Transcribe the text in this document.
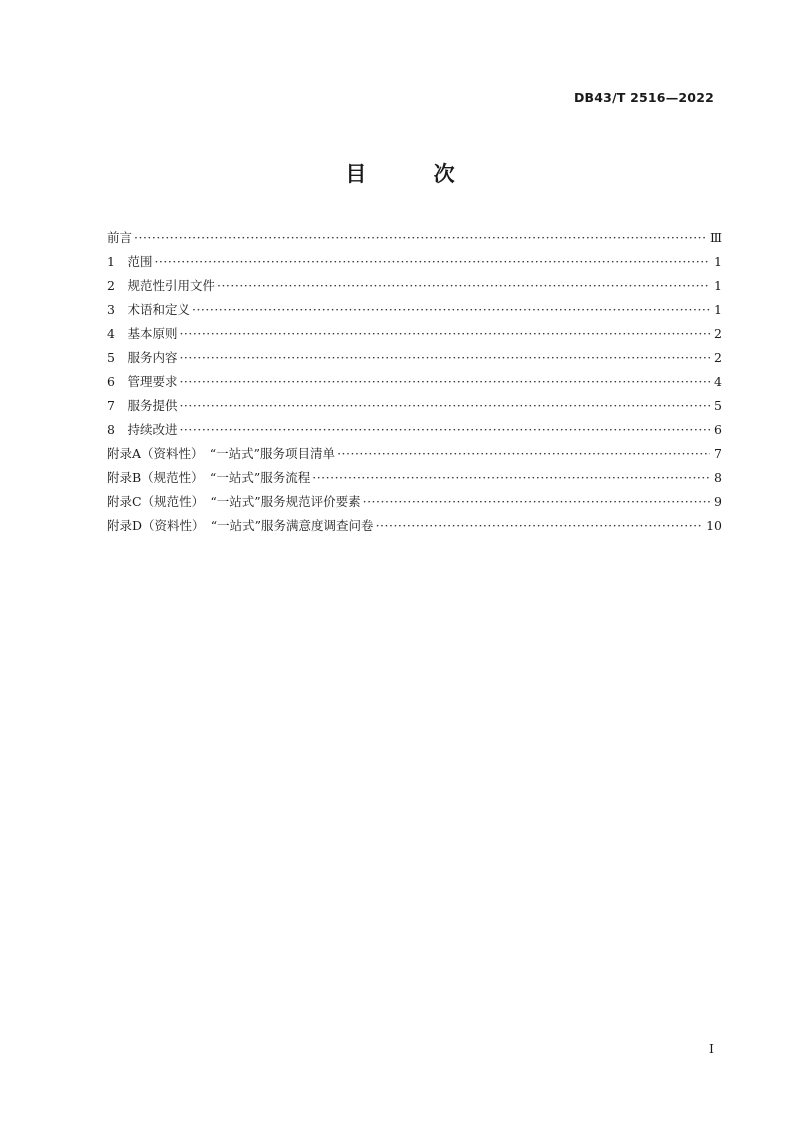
DB43/T 2516—2022
目 次
前言 ·····	Ⅲ
1　范围 ·····	1
2　规范性引用文件 ·····	1
3　术语和定义 ·····	1
4　基本原则 ·····	2
5　服务内容 ·····	2
6　管理要求 ·····	4
7　服务提供 ·····	5
8　持续改进 ·····	6
附录A（资料性）　“一站式”服务项目清单 ·····	7
附录B（规范性）　“一站式”服务流程 ·····	8
附录C（规范性）　“一站式”服务规范评价要素 ·····	9
附录D（资料性）　“一站式”服务满意度调查问卷 ·····	10
I
